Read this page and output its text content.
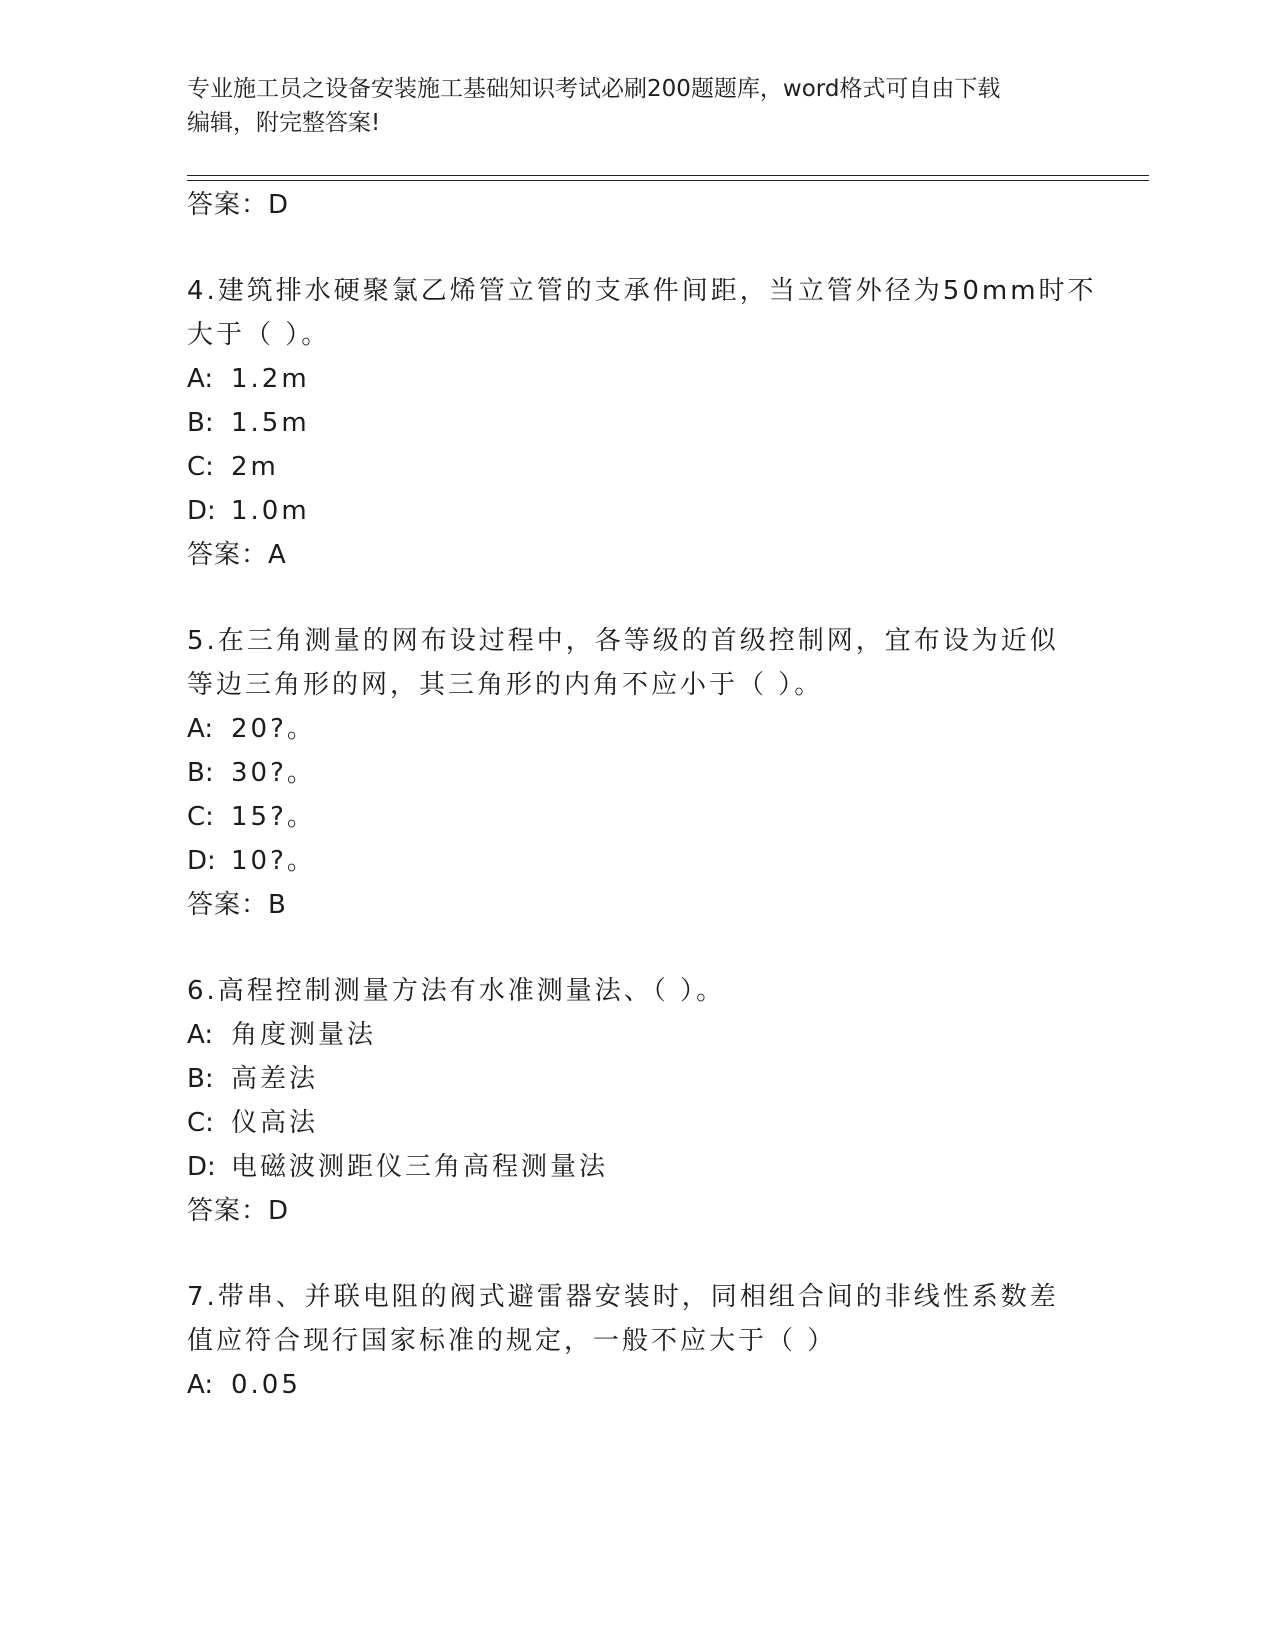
专业施工员之设备安装施工基础知识考试必刷200题题库，word格式可自由下载
编辑，附完整答案!
答案：D
4.建筑排水硬聚氯乙烯管立管的支承件间距，当立管外径为50mm时不
大于（ ）。
A: 1.2m
B: 1.5m
C: 2m
D: 1.0m
答案：A
5.在三角测量的网布设过程中，各等级的首级控制网，宜布设为近似
等边三角形的网，其三角形的内角不应小于（ ）。
A: 20?。
B: 30?。
C: 15?。
D: 10?。
答案：B
6.高程控制测量方法有水准测量法、（ ）。
A: 角度测量法
B: 高差法
C: 仪高法
D: 电磁波测距仪三角高程测量法
答案：D
7.带串、并联电阻的阀式避雷器安装时，同相组合间的非线性系数差
值应符合现行国家标准的规定，一般不应大于（ ）
A: 0.05
